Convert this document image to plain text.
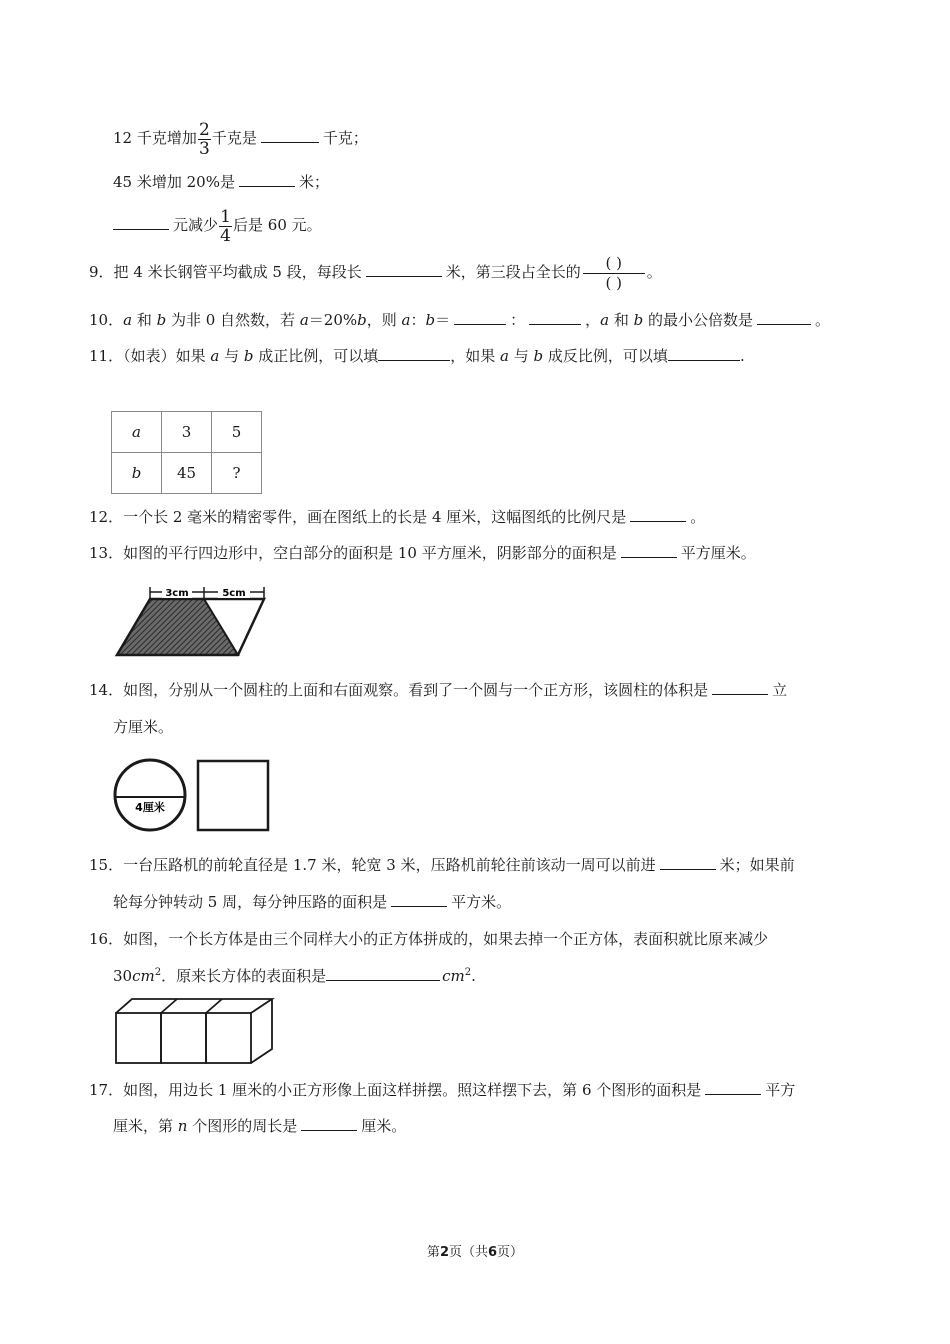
12 千克增加 $\frac{2}{3}$ 千克是	千克；
45 米增加 20%是	米；
元减少 $\frac{1}{4}$ 后是 60 元。
9．把 4 米长钢管平均截成 5 段，每段长	米，第三段占全长的
( )
( )
。
10．a 和 b 为非 0 自然数，若 a＝20%b，则 a：b＝	：	，a 和 b 的最小公倍数是	。
11．（如表）如果 a 与 b 成正比例，可以填	，如果 a 与 b 成反比例，可以填	.
a	3	5
b	45	?
12．一个长 2 毫米的精密零件，画在图纸上的长是 4 厘米，这幅图纸的比例尺是	。
13．如图的平行四边形中，空白部分的面积是 10 平方厘米，阴影部分的面积是	平方厘米。
3cm	5cm
14．如图，分别从一个圆柱的上面和右面观察。看到了一个圆与一个正方形，该圆柱的体积是	立
方厘米。
4厘米
15．一台压路机的前轮直径是 1.7 米，轮宽 3 米，压路机前轮往前该动一周可以前进	米；如果前
轮每分钟转动 5 周，每分钟压路的面积是	平方米。
16．如图，一个长方体是由三个同样大小的正方体拼成的，如果去掉一个正方体，表面积就比原来减少
$30cm^2$．原来长方体的表面积是	$cm^2$.
17．如图，用边长 1 厘米的小正方形像上面这样拼摆。照这样摆下去，第 6 个图形的面积是	平方
厘米，第 n 个图形的周长是	厘米。
第2页（共6页）
